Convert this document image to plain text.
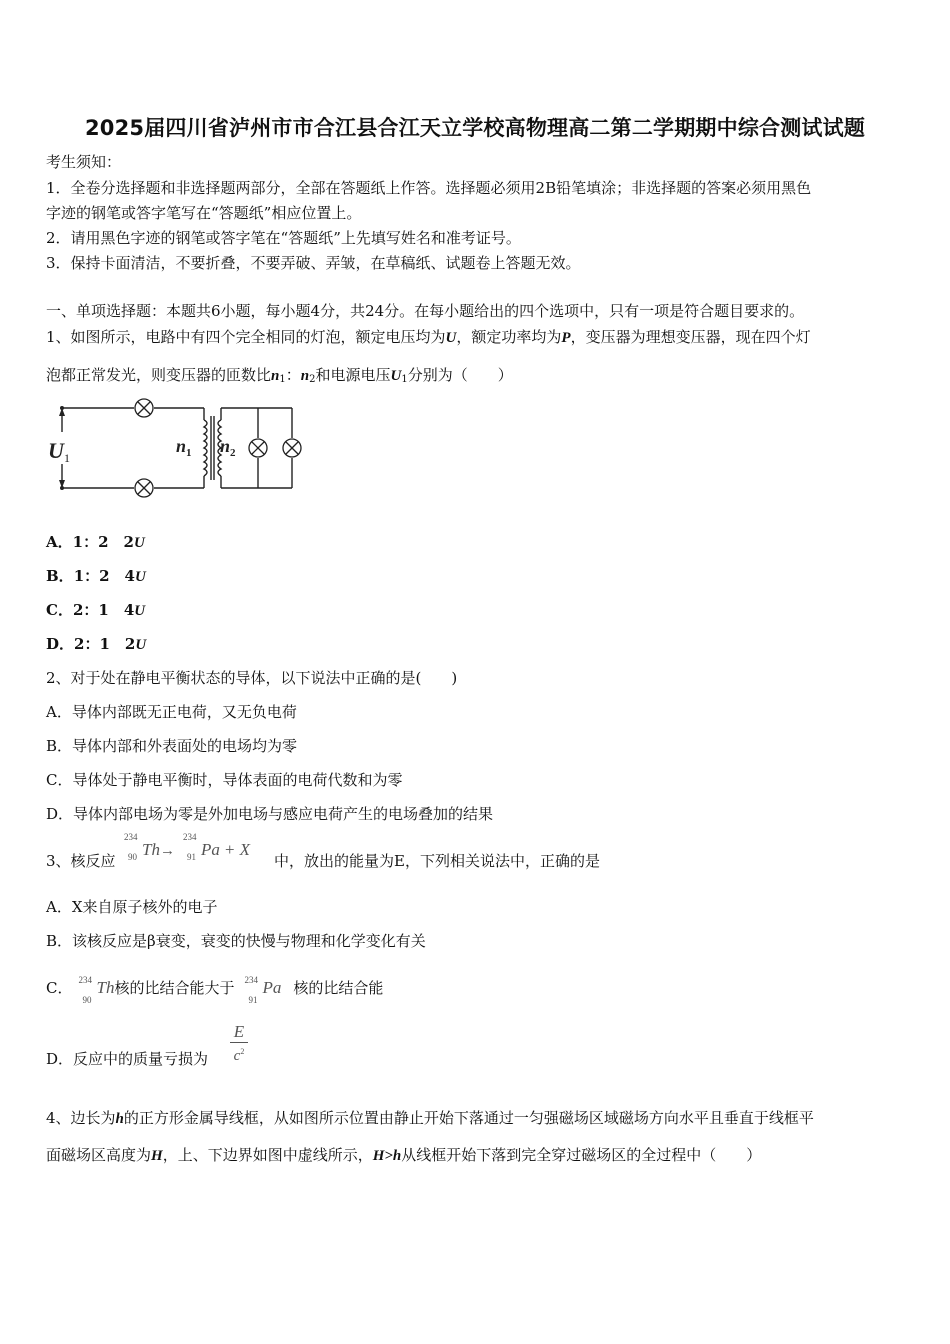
2025届四川省泸州市市合江县合江天立学校高物理高二第二学期期中综合测试试题
考生须知：
1．全卷分选择题和非选择题两部分，全部在答题纸上作答。选择题必须用2B铅笔填涂；非选择题的答案必须用黑色
字迹的钢笔或答字笔写在“答题纸”相应位置上。
2．请用黑色字迹的钢笔或答字笔在“答题纸”上先填写姓名和准考证号。
3．保持卡面清洁，不要折叠，不要弄破、弄皱，在草稿纸、试题卷上答题无效。
一、单项选择题：本题共6小题，每小题4分，共24分。在每小题给出的四个选项中，只有一项是符合题目要求的。
1、如图所示，电路中有四个完全相同的灯泡，额定电压均为U，额定功率均为P，变压器为理想变压器，现在四个灯
泡都正常发光，则变压器的匝数比$n_1$：$n_2$和电源电压$U_1$分别为（　　）
U 1
n 1 n 2
A．1：2　2U
B．1：2　4U
C．2：1　4U
D．2：1　2U
2、对于处在静电平衡状态的导体，以下说法中正确的是(　　)
A．导体内部既无正电荷，又无负电荷
B．导体内部和外表面处的电场均为零
C．导体处于静电平衡时，导体表面的电荷代数和为零
D．导体内部电场为零是外加电场与感应电荷产生的电场叠加的结果
3、核反应
234
90 Th→
234
91 Pa + X
中，放出的能量为E，下列相关说法中，正确的是
A．X来自原子核外的电子
B．该核反应是β衰变，衰变的快慢与物理和化学变化有关
C． 234
90
Th核的比结合能大于 234
91
Pa 核的比结合能
D．反应中的质量亏损为 $\frac{E}{c^2}$
4、边长为h的正方形金属导线框，从如图所示位置由静止开始下落通过一匀强磁场区域磁场方向水平且垂直于线框平
面磁场区高度为H，上、下边界如图中虚线所示，H>h从线框开始下落到完全穿过磁场区的全过程中（　　）
